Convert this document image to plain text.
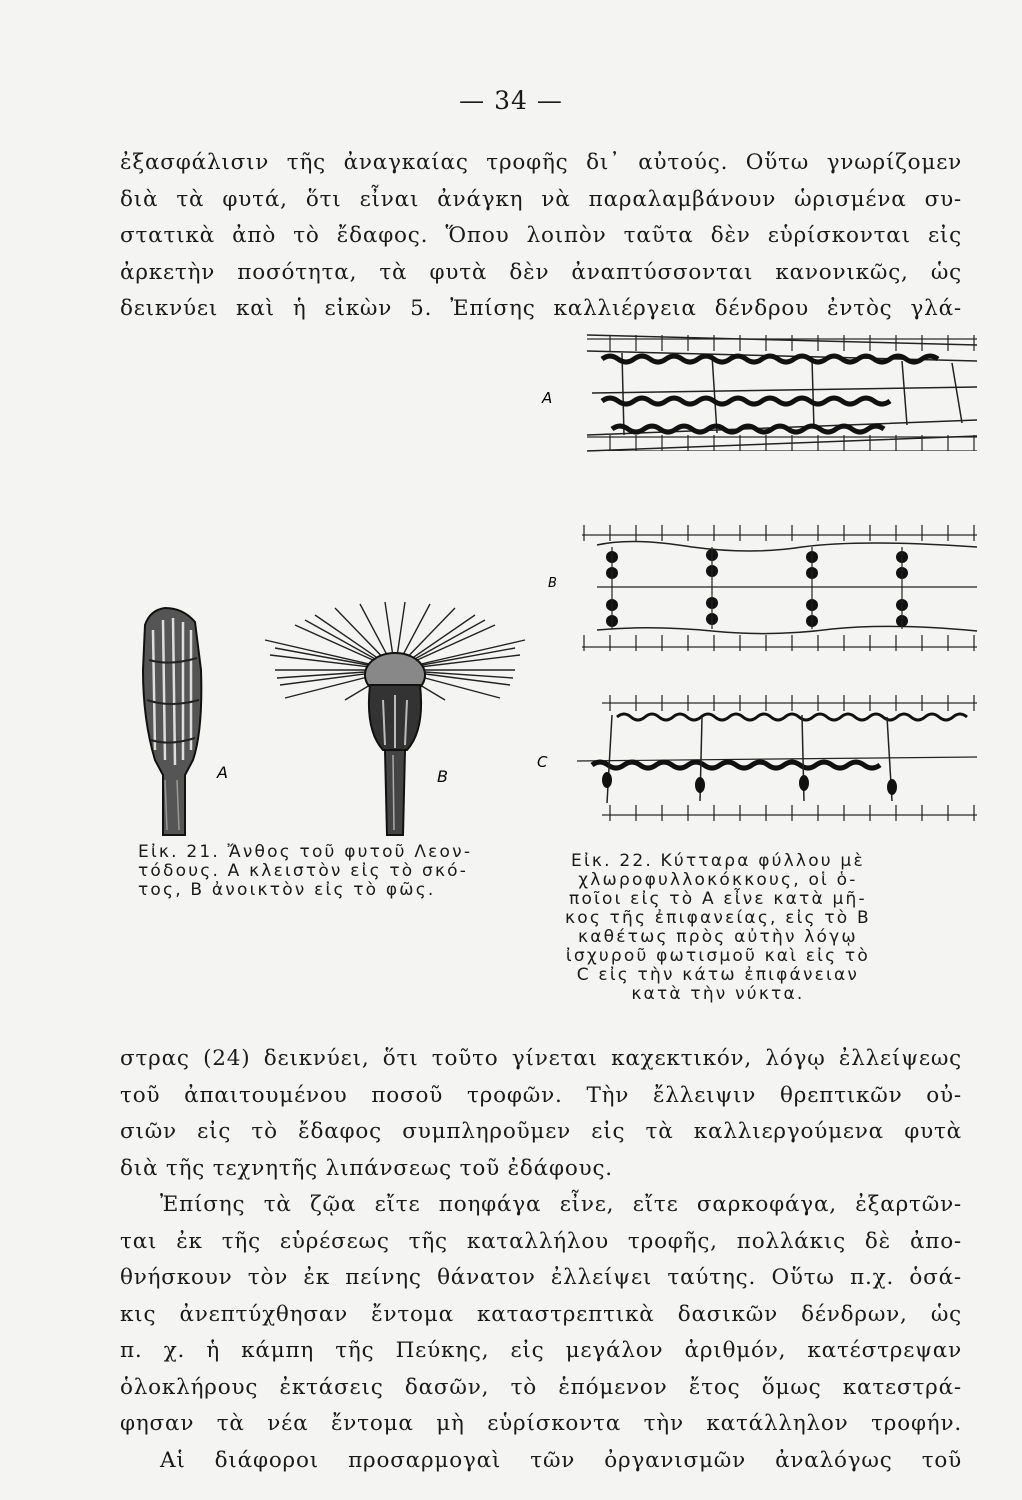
— 34 —

ἐξασφάλισιν τῆς ἀναγκαίας τροφῆς δι᾽ αὐτούς. Οὕτω γνωρίζομεν

διὰ τὰ φυτά, ὅτι εἶναι ἀνάγκη νὰ παραλαμβάνουν ὡρισμένα συ-

στατικὰ ἀπὸ τὸ ἔδαφος. Ὅπου λοιπὸν ταῦτα δὲν εὑρίσκονται εἰς

ἀρκετὴν ποσότητα, τὰ φυτὰ δὲν ἀναπτύσσονται κανονικῶς, ὡς

δεικνύει καὶ ἡ εἰκὼν 5. Ἐπίσης καλλιέργεια δένδρου ἐντὸς γλά-

A	B
Εἰκ. 21. Ἄνθος τοῦ φυτοῦ Λεον-
τόδους. Α κλειστὸν εἰς τὸ σκό-
τος, Β ἀνοικτὸν εἰς τὸ φῶς.
A
B
C
Εἰκ. 22. Κύτταρα φύλλου μὲ
χλωροφυλλοκόκκους, οἱ ὁ-
ποῖοι εἰς τὸ Α εἶνε κατὰ μῆ-
κος τῆς ἐπιφανείας, εἰς τὸ Β
καθέτως πρὸς αὐτὴν λόγῳ
ἰσχυροῦ φωτισμοῦ καὶ εἰς τὸ
C εἰς τὴν κάτω ἐπιφάνειαν
κατὰ τὴν νύκτα.

στρας (24) δεικνύει, ὅτι τοῦτο γίνεται καχεκτικόν, λόγῳ ἐλλείψεως

τοῦ ἀπαιτουμένου ποσοῦ τροφῶν. Τὴν ἔλλειψιν θρεπτικῶν οὐ-

σιῶν εἰς τὸ ἔδαφος συμπληροῦμεν εἰς τὰ καλλιεργούμενα φυτὰ

διὰ τῆς τεχνητῆς λιπάνσεως τοῦ ἐδάφους.

Ἐπίσης τὰ ζῷα εἴτε ποηφάγα εἶνε, εἴτε σαρκοφάγα, ἐξαρτῶν-

ται ἐκ τῆς εὑρέσεως τῆς καταλλήλου τροφῆς, πολλάκις δὲ ἀπο-

θνήσκουν τὸν ἐκ πείνης θάνατον ἐλλείψει ταύτης. Οὕτω π.χ. ὁσά-

κις ἀνεπτύχθησαν ἔντομα καταστρεπτικὰ δασικῶν δένδρων, ὡς

π. χ. ἡ κάμπη τῆς Πεύκης, εἰς μεγάλον ἀριθμόν, κατέστρεψαν

ὁλοκλήρους ἐκτάσεις δασῶν, τὸ ἑπόμενον ἔτος ὅμως κατεστρά-

φησαν τὰ νέα ἔντομα μὴ εὑρίσκοντα τὴν κατάλληλον τροφήν.

Αἱ διάφοροι προσαρμογαὶ τῶν ὀργανισμῶν ἀναλόγως τοῦ
